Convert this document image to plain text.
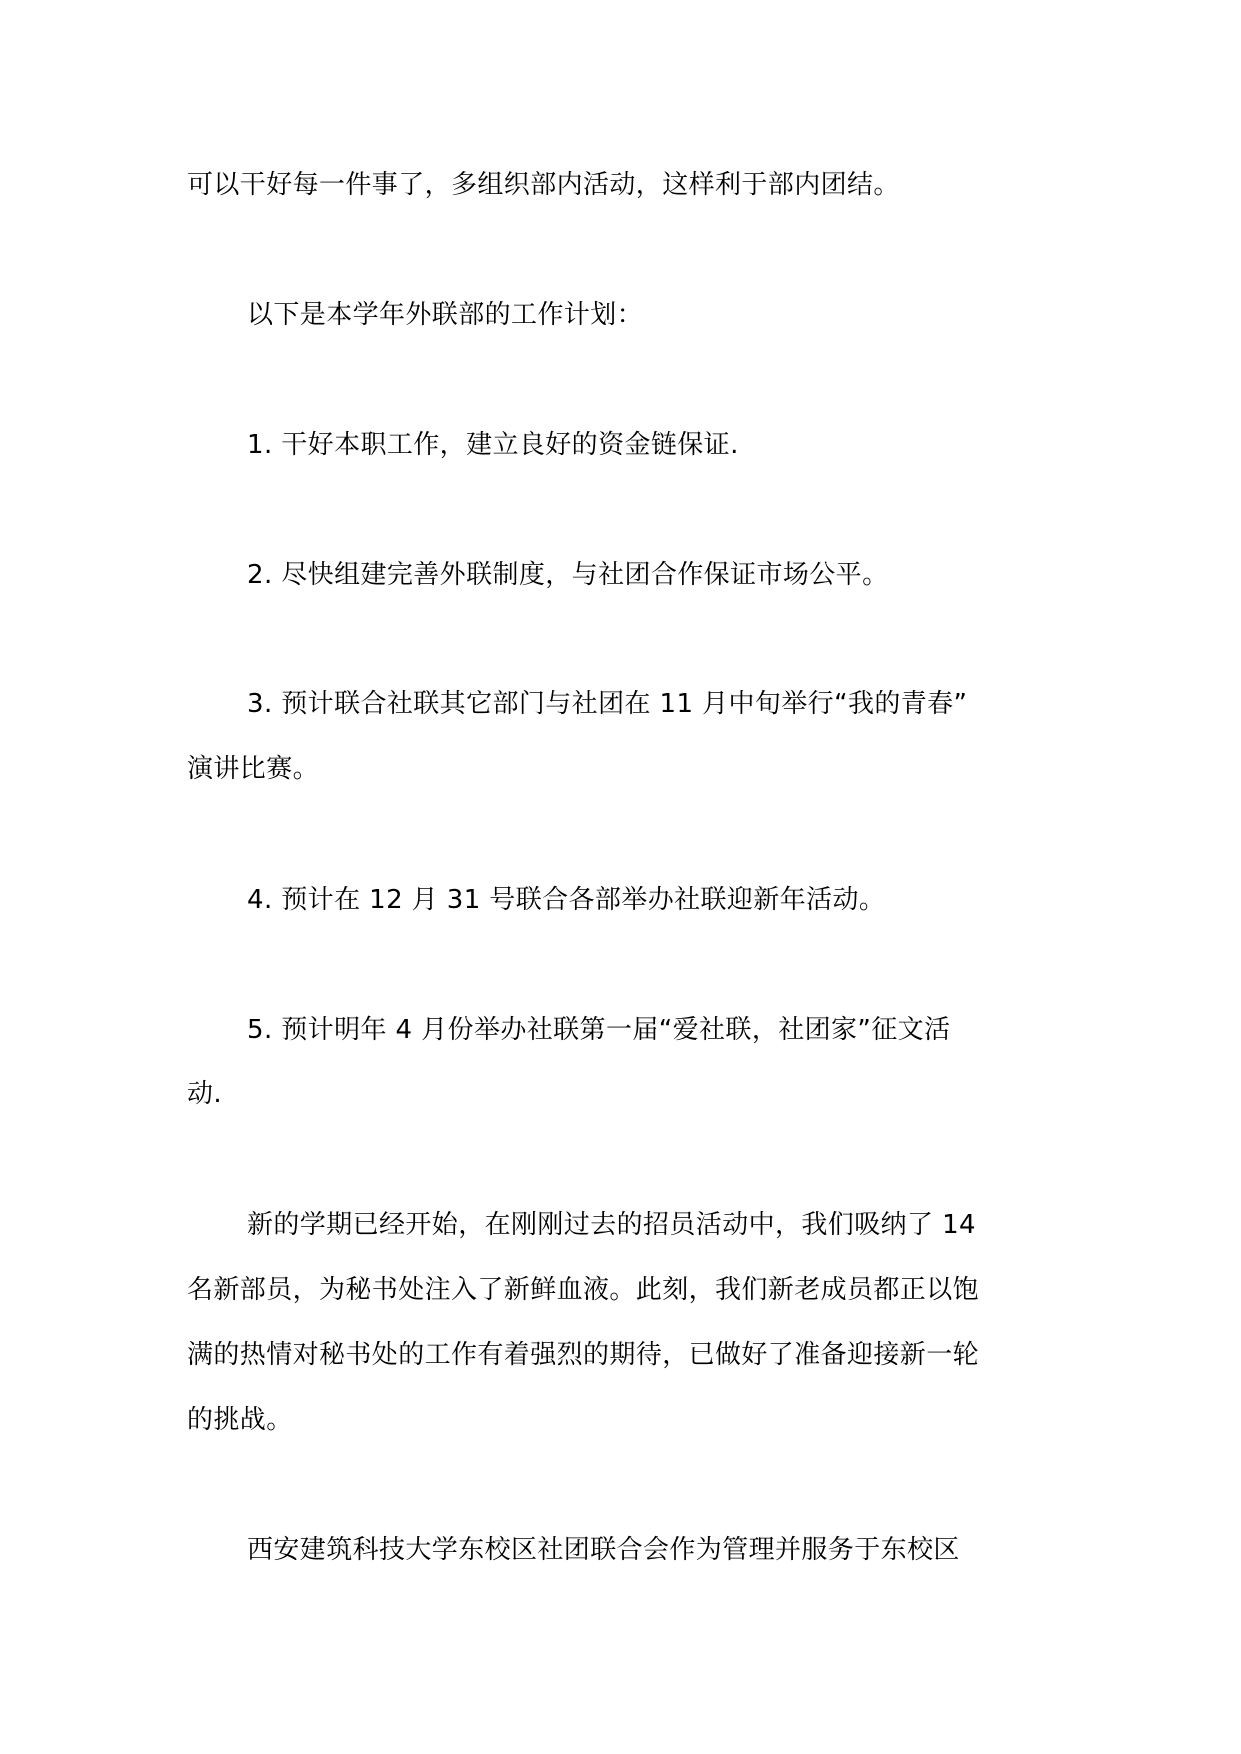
可以干好每一件事了，多组织部内活动，这样利于部内团结。
以下是本学年外联部的工作计划：
1. 干好本职工作，建立良好的资金链保证.
2. 尽快组建完善外联制度，与社团合作保证市场公平。
3. 预计联合社联其它部门与社团在 11 月中旬举行“我的青春”
演讲比赛。
4. 预计在 12 月 31 号联合各部举办社联迎新年活动。
5. 预计明年 4 月份举办社联第一届“爱社联，社团家”征文活
动.
新的学期已经开始，在刚刚过去的招员活动中，我们吸纳了 14
名新部员，为秘书处注入了新鲜血液。此刻，我们新老成员都正以饱
满的热情对秘书处的工作有着强烈的期待，已做好了准备迎接新一轮
的挑战。
西安建筑科技大学东校区社团联合会作为管理并服务于东校区
